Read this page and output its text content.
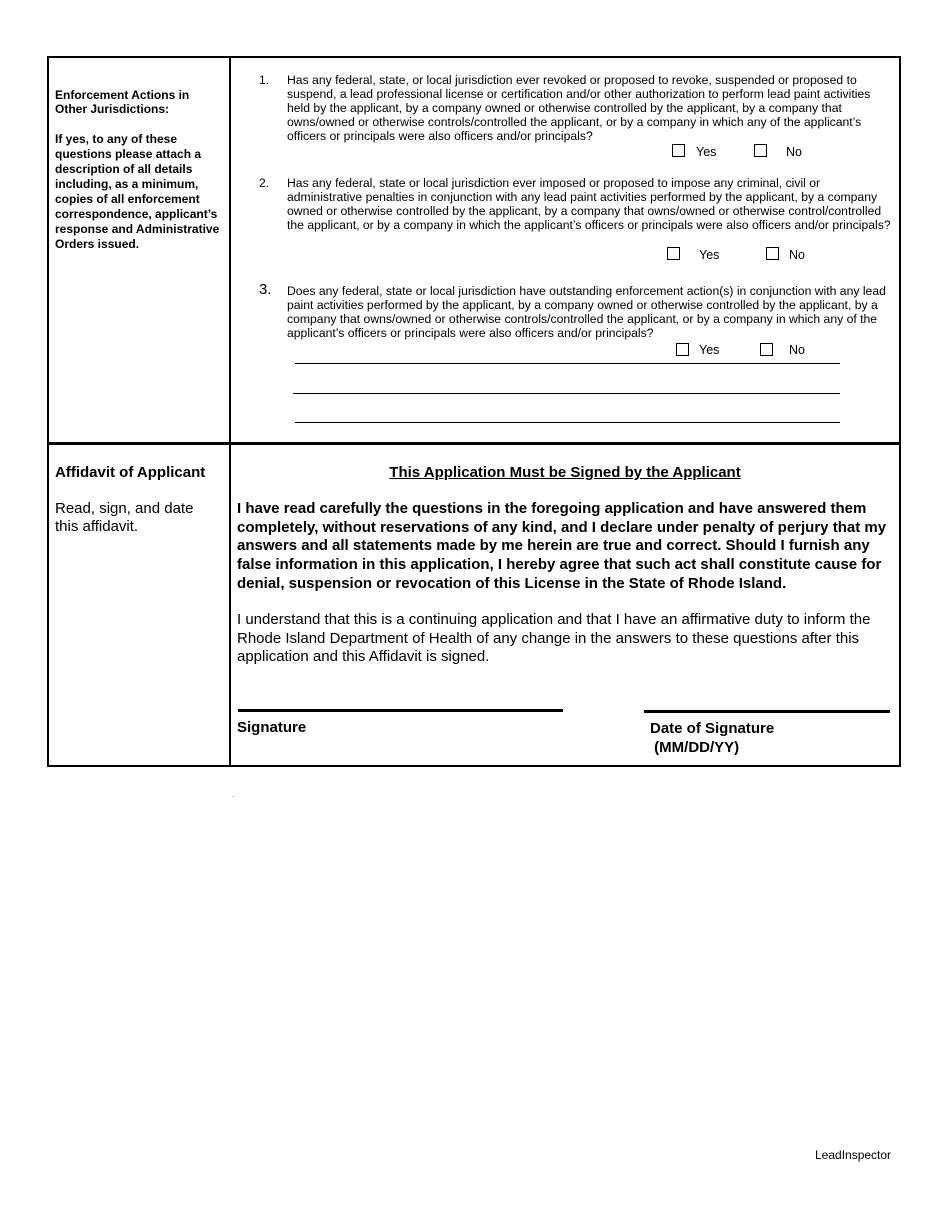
Enforcement Actions in Other Jurisdictions:
If yes, to any of these questions please attach a description of all details including, as a minimum, copies of all enforcement correspondence, applicant’s response and Administrative Orders issued.
1. Has any federal, state, or local jurisdiction ever revoked or proposed to revoke, suspended or proposed to suspend, a lead professional license or certification and/or other authorization to perform lead paint activities held by the applicant, by a company owned or otherwise controlled by the applicant, by a company that owns/owned or otherwise controls/controlled the applicant, or by a company in which any of the applicant’s officers or principals were also officers and/or principals?
Yes	No
2. Has any federal, state or local jurisdiction ever imposed or proposed to impose any criminal, civil or administrative penalties in conjunction with any lead paint activities performed by the applicant, by a company owned or otherwise controlled by the applicant, by a company that owns/owned or otherwise control/controlled the applicant, or by a company in which the applicant’s officers or principals were also officers and/or principals?
Yes	No
3. Does any federal, state or local jurisdiction have outstanding enforcement action(s) in conjunction with any lead paint activities performed by the applicant, by a company owned or otherwise controlled by the applicant, by a company that owns/owned or otherwise controls/controlled the applicant, or by a company in which any of the applicant’s officers or principals were also officers and/or principals?
Yes	No
Affidavit of Applicant
Read, sign, and date this affidavit.
This Application Must be Signed by the Applicant
I have read carefully the questions in the foregoing application and have answered them completely, without reservations of any kind, and I declare under penalty of perjury that my answers and all statements made by me herein are true and correct. Should I furnish any false information in this application, I hereby agree that such act shall constitute cause for denial, suspension or revocation of this License in the State of Rhode Island.
I understand that this is a continuing application and that I have an affirmative duty to inform the Rhode Island Department of Health of any change in the answers to these questions after this application and this Affidavit is signed.
Signature	Date of Signature
(MM/DD/YY)
.
LeadInspector
